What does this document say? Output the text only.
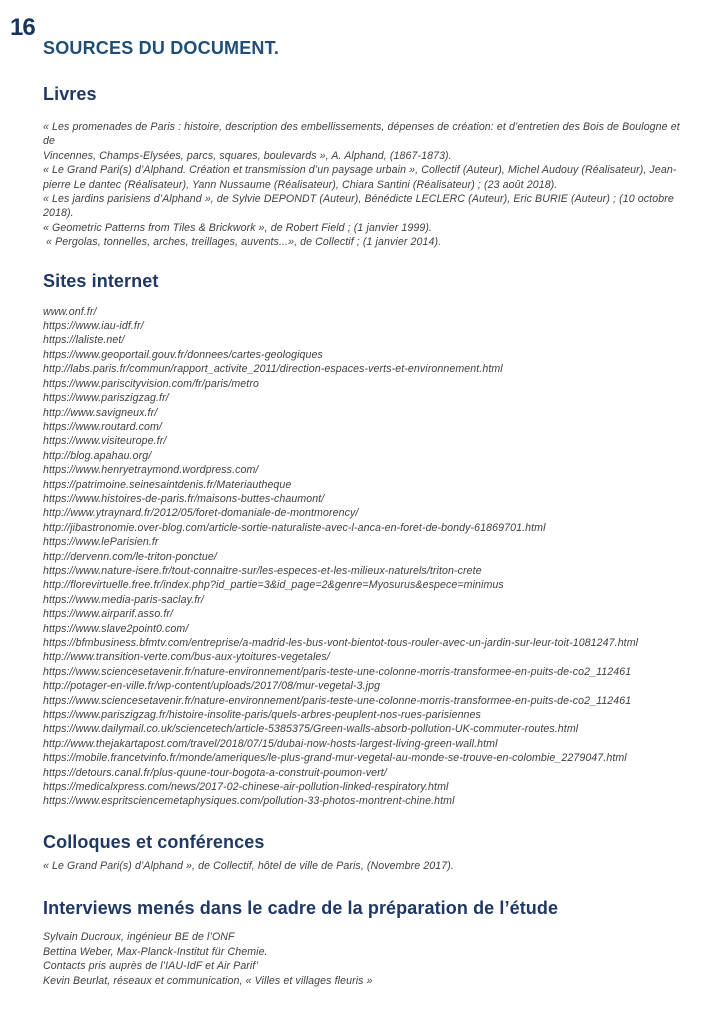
16
SOURCES DU DOCUMENT.
Livres
« Les promenades de Paris : histoire, description des embellissements, dépenses de création: et d’entretien des Bois de Boulogne et de
Vincennes, Champs-Elysées, parcs, squares, boulevards », A. Alphand, (1867-1873).
« Le Grand Pari(s) d’Alphand. Création et transmission d’un paysage urbain », Collectif (Auteur), Michel Audouy (Réalisateur), Jean-
pierre Le dantec (Réalisateur), Yann Nussaume (Réalisateur), Chiara Santini (Réalisateur) ; (23 août 2018).
« Les jardins parisiens d’Alphand », de Sylvie DEPONDT (Auteur), Bénédicte LECLERC (Auteur), Eric BURIE (Auteur) ; (10 octobre 2018).
« Geometric Patterns from Tiles & Brickwork », de Robert Field ; (1 janvier 1999).
« Pergolas, tonnelles, arches, treillages, auvents...», de Collectif ; (1 janvier 2014).
Sites internet
www.onf.fr/
https://www.iau-idf.fr/
https://laliste.net/
https://www.geoportail.gouv.fr/donnees/cartes-geologiques
http://labs.paris.fr/commun/rapport_activite_2011/direction-espaces-verts-et-environnement.html
https://www.pariscityvision.com/fr/paris/metro
https://www.pariszigzag.fr/
http://www.savigneux.fr/
https://www.routard.com/
https://www.visiteurope.fr/
http://blog.apahau.org/
https://www.henryetraymond.wordpress.com/
https://patrimoine.seinesaintdenis.fr/Materiautheque
https://www.histoires-de-paris.fr/maisons-buttes-chaumont/
http://www.ytraynard.fr/2012/05/foret-domaniale-de-montmorency/
http://jibastronomie.over-blog.com/article-sortie-naturaliste-avec-l-anca-en-foret-de-bondy-61869701.html
https://www.leParisien.fr
http://dervenn.com/le-triton-ponctue/
https://www.nature-isere.fr/tout-connaitre-sur/les-especes-et-les-milieux-naturels/triton-crete
http://florevirtuelle.free.fr/index.php?id_partie=3&id_page=2&genre=Myosurus&espece=minimus
https://www.media-paris-saclay.fr/
https://www.airparif.asso.fr/
https://www.slave2point0.com/
https://bfmbusiness.bfmtv.com/entreprise/a-madrid-les-bus-vont-bientot-tous-rouler-avec-un-jardin-sur-leur-toit-1081247.html
http://www.transition-verte.com/bus-aux-ytoitures-vegetales/
https://www.sciencesetavenir.fr/nature-environnement/paris-teste-une-colonne-morris-transformee-en-puits-de-co2_112461
http://potager-en-ville.fr/wp-content/uploads/2017/08/mur-vegetal-3.jpg
https://www.sciencesetavenir.fr/nature-environnement/paris-teste-une-colonne-morris-transformee-en-puits-de-co2_112461
https://www.pariszigzag.fr/histoire-insolite-paris/quels-arbres-peuplent-nos-rues-parisiennes
https://www.dailymail.co.uk/sciencetech/article-5385375/Green-walls-absorb-pollution-UK-commuter-routes.html
http://www.thejakartapost.com/travel/2018/07/15/dubai-now-hosts-largest-living-green-wall.html
https://mobile.francetvinfo.fr/monde/ameriques/le-plus-grand-mur-vegetal-au-monde-se-trouve-en-colombie_2279047.html
https://detours.canal.fr/plus-quune-tour-bogota-a-construit-poumon-vert/
https://medicalxpress.com/news/2017-02-chinese-air-pollution-linked-respiratory.html
https://www.espritsciencemetaphysiques.com/pollution-33-photos-montrent-chine.html
Colloques et conférences
« Le Grand Pari(s) d’Alphand », de Collectif, hôtel de ville de Paris, (Novembre 2017).
Interviews menés dans le cadre de la préparation de l’étude
Sylvain Ducroux, ingénieur BE de l’ONF
Bettina Weber, Max-Planck-Institut für Chemie.
Contacts pris auprès de l’IAU-IdF et Air Parif’
Kevin Beurlat, réseaux et communication, « Villes et villages fleuris »
